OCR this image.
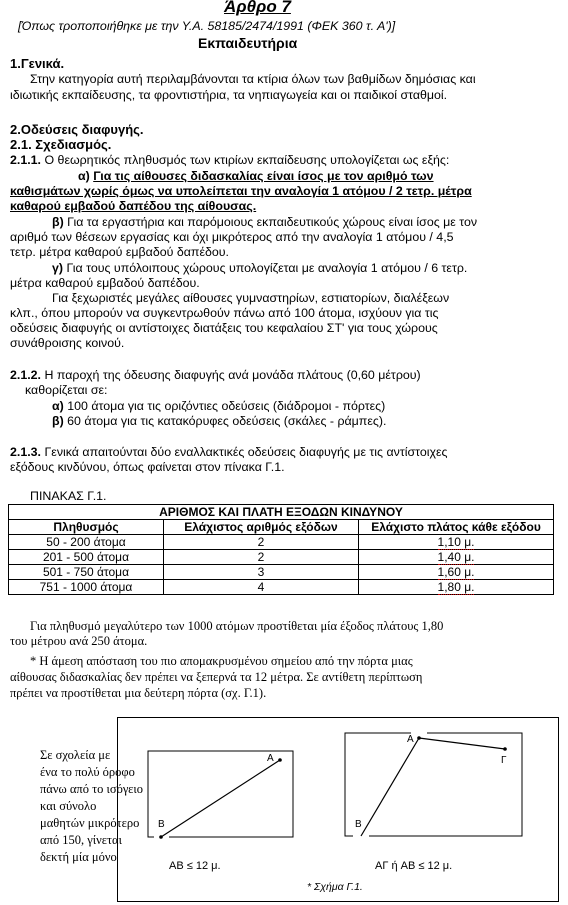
Άρθρο 7
[Όπως τροποποιήθηκε με την Υ.Α. 58185/2474/1991 (ΦΕΚ 360 τ. Α')]
Εκπαιδευτήρια
1.Γενικά.
Στην κατηγορία αυτή περιλαμβάνονται τα κτίρια όλων των βαθμίδων δημόσιας και
ιδιωτικής εκπαίδευσης, τα φροντιστήρια, τα νηπιαγωγεία και οι παιδικοί σταθμοί.
2.Οδεύσεις διαφυγής.
2.1. Σχεδιασμός.
2.1.1. Ο θεωρητικός πληθυσμός των κτιρίων εκπαίδευσης υπολογίζεται ως εξής:
α) Για τις αίθουσες διδασκαλίας είναι ίσος με τον αριθμό των
καθισμάτων χωρίς όμως να υπολείπεται την αναλογία 1 ατόμου / 2 τετρ. μέτρα
καθαρού εμβαδού δαπέδου της αίθουσας.
β) Για τα εργαστήρια και παρόμοιους εκπαιδευτικούς χώρους είναι ίσος με τον
αριθμό των θέσεων εργασίας και όχι μικρότερος από την αναλογία 1 ατόμου / 4,5
τετρ. μέτρα καθαρού εμβαδού δαπέδου.
γ) Για τους υπόλοιπους χώρους υπολογίζεται με αναλογία 1 ατόμου / 6 τετρ.
μέτρα καθαρού εμβαδού δαπέδου.
Για ξεχωριστές μεγάλες αίθουσες γυμναστηρίων, εστιατορίων, διαλέξεων
κλπ., όπου μπορούν να συγκεντρωθούν πάνω από 100 άτομα, ισχύουν για τις
οδεύσεις διαφυγής οι αντίστοιχες διατάξεις του κεφαλαίου ΣΤ' για τους χώρους
συνάθροισης κοινού.
2.1.2. Η παροχή της όδευσης διαφυγής ανά μονάδα πλάτους (0,60 μέτρου)
καθορίζεται σε:
α) 100 άτομα για τις οριζόντιες οδεύσεις (διάδρομοι - πόρτες)
β) 60 άτομα για τις κατακόρυφες οδεύσεις (σκάλες - ράμπες).
2.1.3. Γενικά απαιτούνται δύο εναλλακτικές οδεύσεις διαφυγής με τις αντίστοιχες
εξόδους κινδύνου, όπως φαίνεται στον πίνακα Γ.1.
ΠΙΝΑΚΑΣ Γ.1.
ΑΡΙΘΜΟΣ ΚΑΙ ΠΛΑΤΗ ΕΞΟΔΩΝ ΚΙΝΔΥΝΟΥ		
Πληθυσμός	Ελάχιστος αριθμός εξόδων	Ελάχιστο πλάτος κάθε εξόδου
50 - 200 άτομα	2	1,10 μ.
201 - 500 άτομα	2	1,40 μ.
501 - 750 άτομα	3	1,60 μ.
751 - 1000 άτομα	4	1,80 μ.
Για πληθυσμό μεγαλύτερο των 1000 ατόμων προστίθεται μία έξοδος πλάτους 1,80
του μέτρου ανά 250 άτομα.
* Η άμεση απόσταση του πιο απομακρυσμένου σημείου από την πόρτα μιας
αίθουσας διδασκαλίας δεν πρέπει να ξεπερνά τα 12 μέτρα. Σε αντίθετη περίπτωση
πρέπει να προστίθεται μια δεύτερη πόρτα (σχ. Γ.1).
Σε σχολεία με
ένα το πολύ όροφο
πάνω από το ισόγειο
και σύνολο
μαθητών μικρότερο
από 150, γίνεται
δεκτή μία μόνο
A
B
A
Γ
B
AB ≤ 12 μ.	AΓ ή AB ≤ 12 μ.
* Σχήμα Γ.1.
